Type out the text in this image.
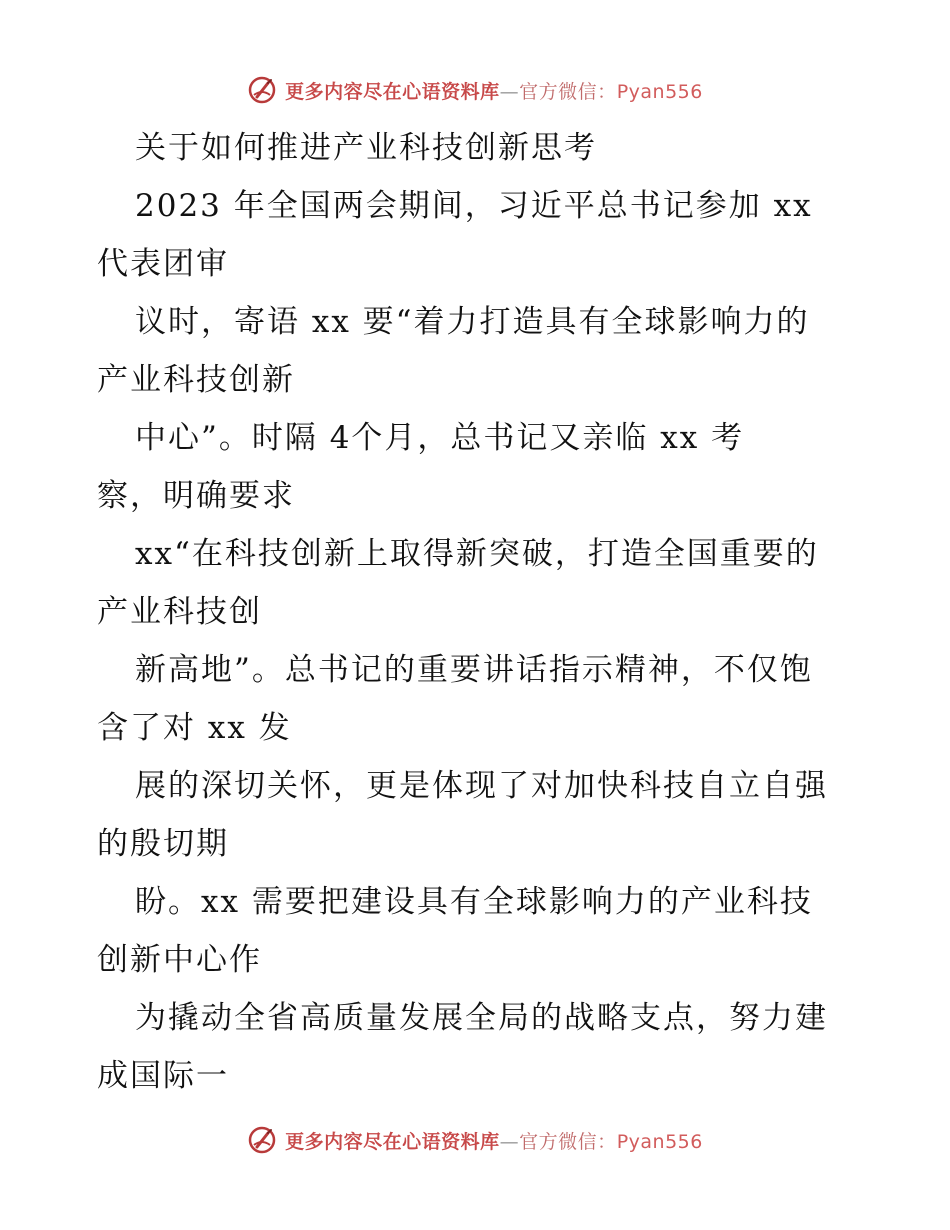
更多内容尽在心语资料库—官方微信：Pyan556
关于如何推进产业科技创新思考
2023 年全国两会期间，习近平总书记参加 xx
代表团审
议时，寄语 xx 要“着力打造具有全球影响力的
产业科技创新
中心”。时隔 4个月，总书记又亲临 xx 考
察，明确要求
xx“在科技创新上取得新突破，打造全国重要的
产业科技创
新高地”。总书记的重要讲话指示精神，不仅饱
含了对 xx 发
展的深切关怀，更是体现了对加快科技自立自强
的殷切期
盼。xx 需要把建设具有全球影响力的产业科技
创新中心作
为撬动全省高质量发展全局的战略支点，努力建
成国际一
更多内容尽在心语资料库—官方微信：Pyan556
